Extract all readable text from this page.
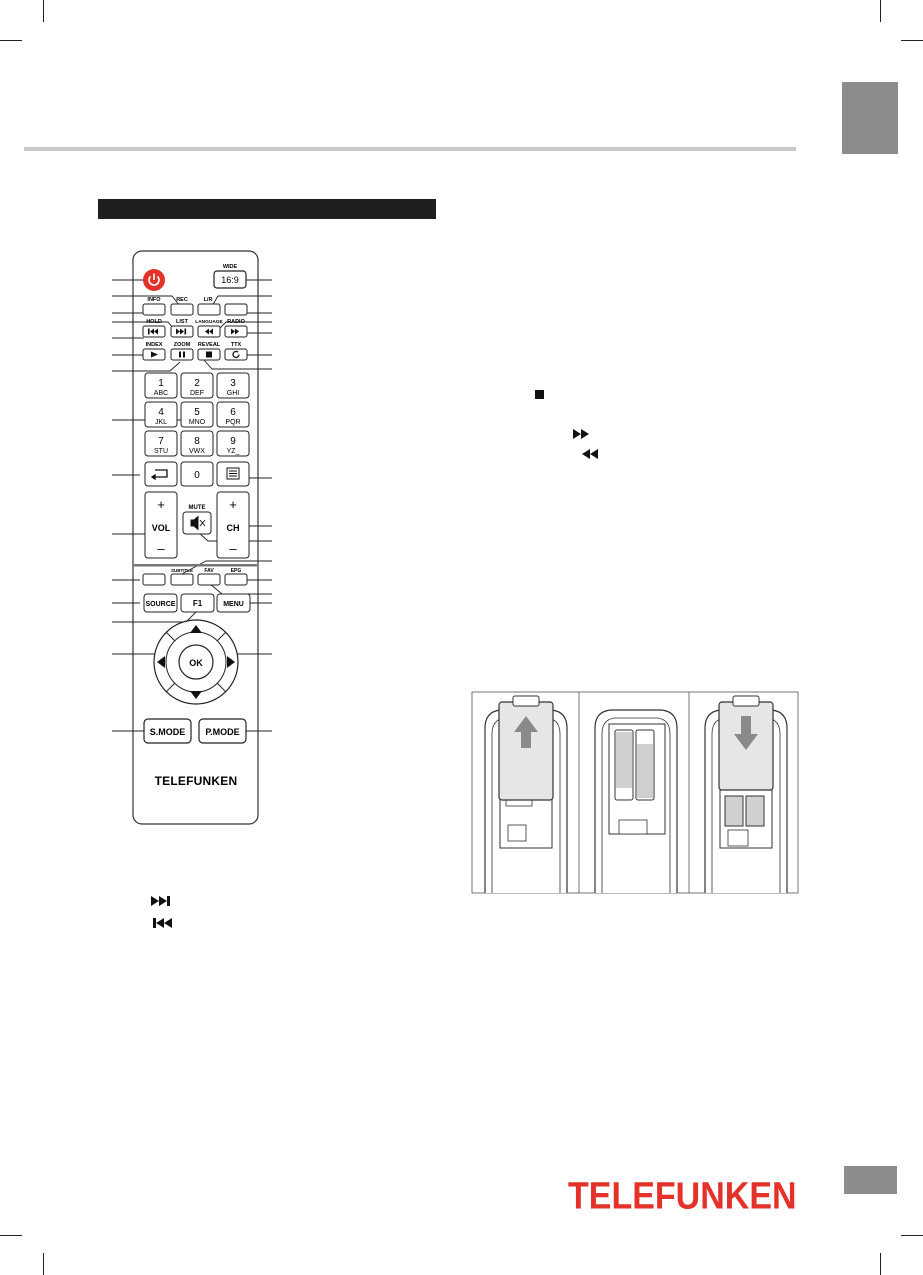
WIDE
16:9
REC	L/R
INFO
HOLD	LIST LANGUAGE RADIO
INDEX ZOOM REVEAL TTX
1
ABC
2
DEF
3
GHI
4
JKL
5
MNO
6
PQR
7
STU
8
VWX
9
YZ_
0
+
VOL
–
MUTE +
CH
–
SUBTITLE FAV	EPG
SOURCE F1	MENU
OK
S.MODE P.MODE
TELEFUNKEN
TELEFUNKEN
